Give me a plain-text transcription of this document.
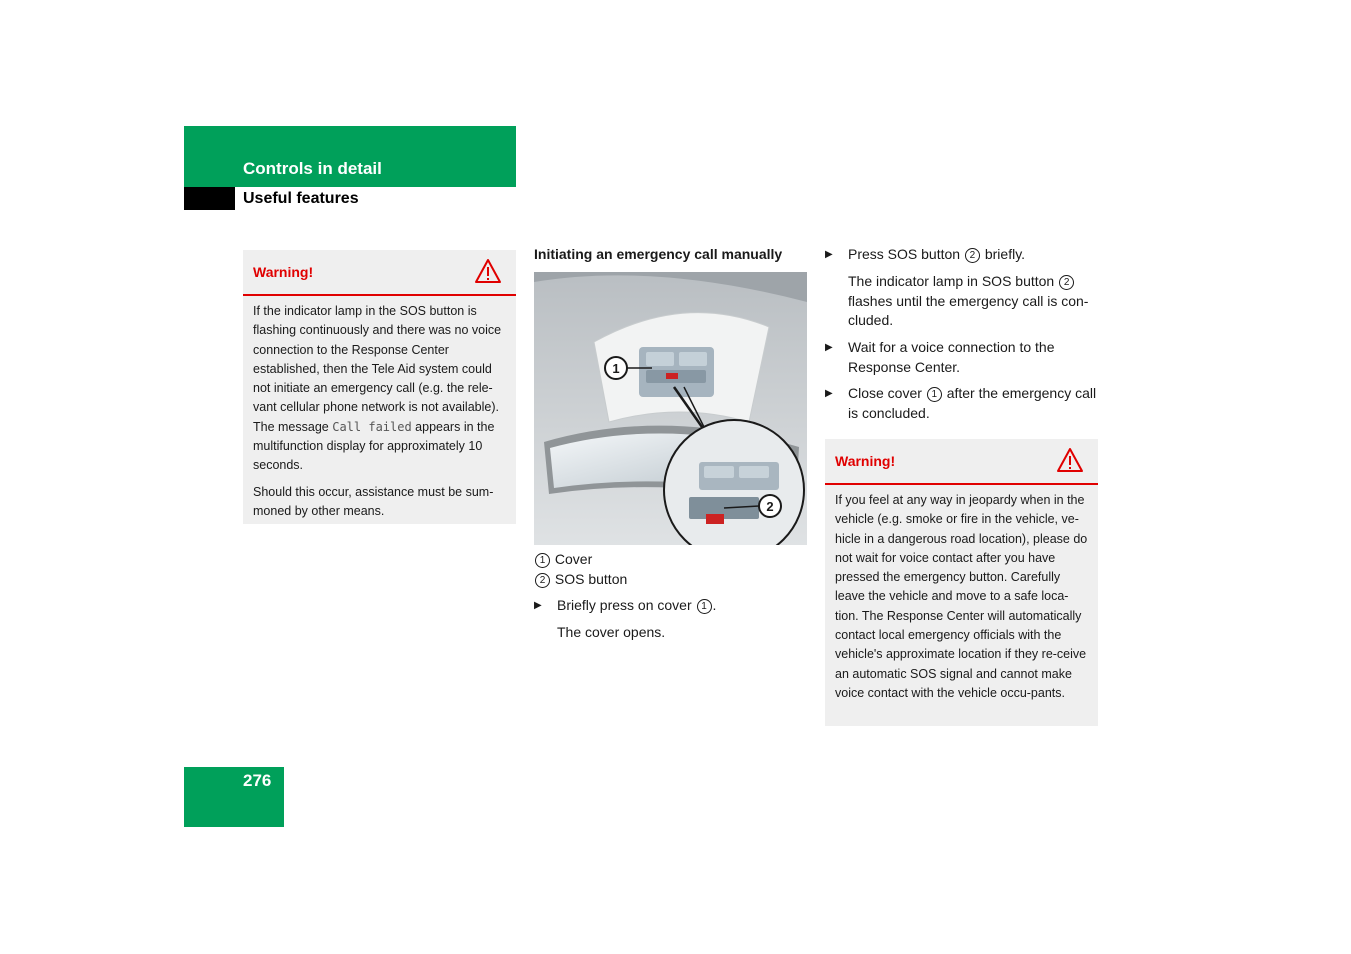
Controls in detail
Useful features
Warning!

If the indicator lamp in the SOS button is flashing continuously and there was no voice connection to the Response Center established, then the Tele Aid system could not initiate an emergency call (e.g. the rele-vant cellular phone network is not available). The message Call failed appears in the multifunction display for approximately 10 seconds.

Should this occur, assistance must be sum-moned by other means.

Initiating an emergency call manually
1
2
1 Cover
2 SOS button
▶ Briefly press on cover 1 .
The cover opens.
▶ Press SOS button 2 briefly.
The indicator lamp in SOS button 2 flashes until the emergency call is con-cluded.
▶ Wait for a voice connection to the Response Center.
▶ Close cover 1 after the emergency call is concluded.
Warning!

If you feel at any way in jeopardy when in the vehicle (e.g. smoke or fire in the vehicle, ve-hicle in a dangerous road location), please do not wait for voice contact after you have pressed the emergency button. Carefully leave the vehicle and move to a safe loca-tion. The Response Center will automatically contact local emergency officials with the vehicle's approximate location if they re-ceive an automatic SOS signal and cannot make voice contact with the vehicle occu-pants.

276
